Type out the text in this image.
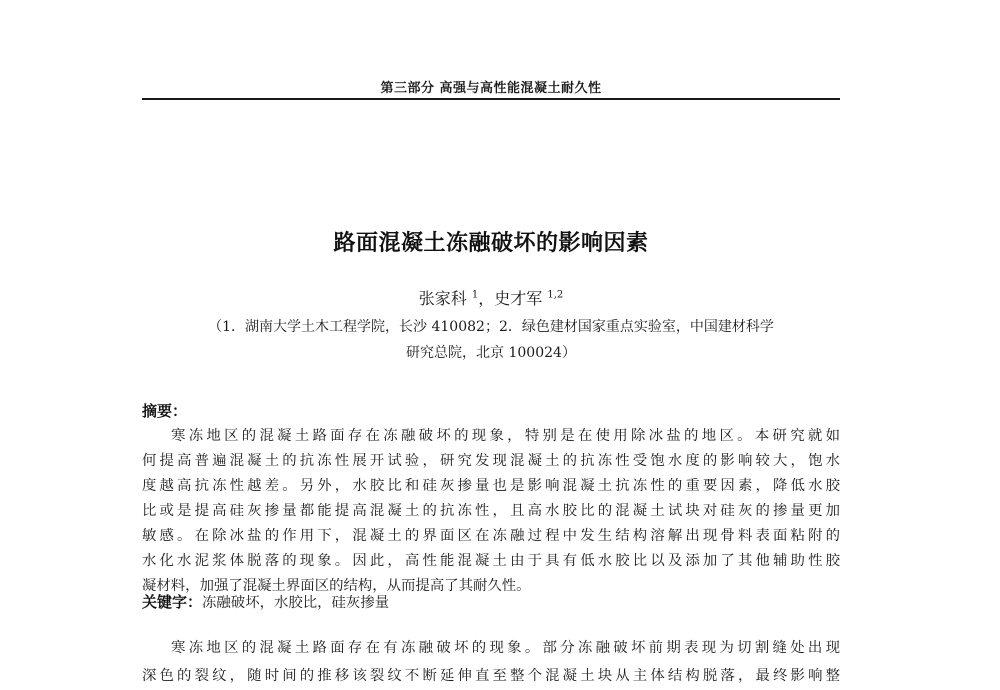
第三部分 高强与高性能混凝土耐久性
路面混凝土冻融破坏的影响因素
张家科 $^1$，史才军 $^{1,2}$
（1．湖南大学土木工程学院，长沙 410082；2．绿色建材国家重点实验室，中国建材科学
研究总院，北京 100024）
摘要：
寒冻地区的混凝土路面存在冻融破坏的现象，特别是在使用除冰盐的地区。本研究就如
何提高普遍混凝土的抗冻性展开试验，研究发现混凝土的抗冻性受饱水度的影响较大，饱水
度越高抗冻性越差。另外，水胶比和硅灰掺量也是影响混凝土抗冻性的重要因素，降低水胶
比或是提高硅灰掺量都能提高混凝土的抗冻性，且高水胶比的混凝土试块对硅灰的掺量更加
敏感。在除冰盐的作用下，混凝土的界面区在冻融过程中发生结构溶解出现骨料表面粘附的
水化水泥浆体脱落的现象。因此，高性能混凝土由于具有低水胶比以及添加了其他辅助性胶
凝材料，加强了混凝土界面区的结构，从而提高了其耐久性。
关键字：冻融破坏，水胶比，硅灰掺量
寒冻地区的混凝土路面存在有冻融破坏的现象。部分冻融破坏前期表现为切割缝处出现
深色的裂纹，随时间的推移该裂纹不断延伸直至整个混凝土块从主体结构脱落，最终影响整
